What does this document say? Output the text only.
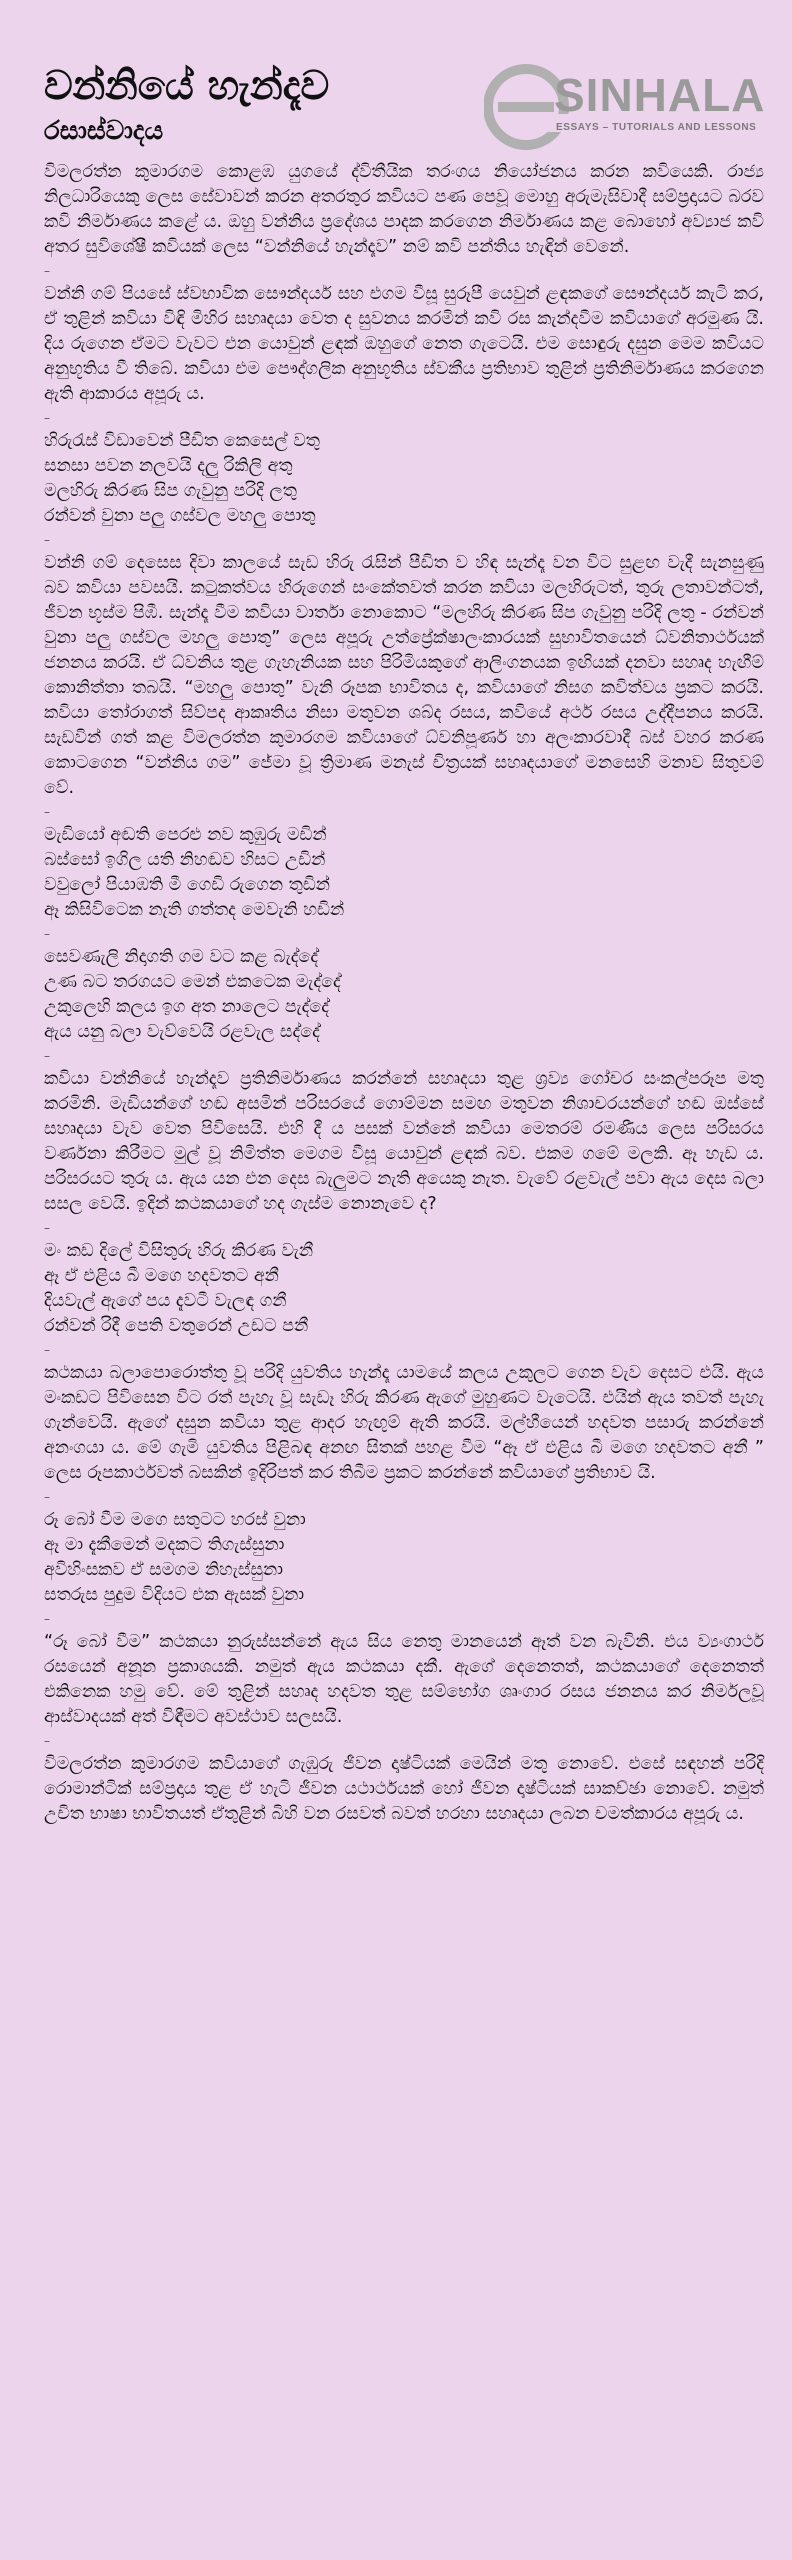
වන්නියේ හැන්දෑව
රසාස්වාදය
SINHALA
ESSAYS – TUTORIALS AND LESSONS

විමලරත්න කුමාරගම කොළඹ යුගයේ ද්විතීයික තරංගය නියෝජනය කරන කවියෙකි. රාජ්‍ය නිලධාරියෙකු ලෙස සේවාවන් කරන අතරතුර කවියට පණ පෙවූ මොහු අරුමැසිවාදී සම්ප්‍රදායට බරව කවි නිර්මාණය කළේ ය. ඔහු වන්නිය ප්‍රදේශය පාදක කරගෙන නිර්මාණය කළ බොහෝ අව්‍යාජ කවි අතර සුවිශේෂී කවියක් ලෙස “වන්නියේ හැන්දෑව” නම් කවි පන්තිය හැඳින් වෙනේ.

–

වන්නි ගම් පියසේ ස්වභාවික සෞන්දර්ය සහ එගම වීසූ සුරූපී යෙවුන් ළඳකගේ සෞන්දර්ය කැටි කර, ඒ තුළින් කවියා විඳි මිහිර සහෘදයා වෙත ද සුවනය කරමින් කවි රස කැන්දවීම කවියාගේ අරමුණ යි. දිය රුගෙන ඒමට වැවට එන යොවුන් ළඳක් ඔහුගේ නෙත ගැටෙයි. එම සොඳුරු දසුන මෙම කවියට අනුභූතිය වී තිබේ. කවියා එම පෞද්ගලික අනුභූතිය ස්වකීය ප්‍රතිභාව තුළින් ප්‍රතිනිර්මාණය කරගෙන ඇති ආකාරය අපූරු ය.

–
හිරුරැස් විඩාවෙන් පීඩිත කෙසෙල් වතු
සනසා පවන නලවයි දලු රිකිලි අතු
මලහිරු කිරණ සිප ගැවුනු පරිදි ලතු
රන්වන් වුනා පලු ගස්වල මහලු පොතු
–

වන්නි ගම් දෙසෙස දිවා කාලයේ සැඩ හිරු රැසින් පීඩිත ව හිඳ සැන්දෑ වන විට සුළඟ වැදී සැනසුණු බව කවියා පවසයි. කටුකත්වය හිරුගෙන් සංකේතවත් කරන කවියා මලහිරුටත්, තුරු ලතාවන්ටත්, ජීවන භූස්ම පිඹී. සැන්දෑ වීම කවියා වාර්තා නොකොට “මලහිරු කිරණ සිප ගැවුනු පරිදි ලතු - රන්වන් වුනා පලු ගස්වල මහලු පොතු” ලෙස අපූරු උත්ප්‍රේක්ෂාලංකාරයක් සුභාවිතයෙන් ධ්වනිතාර්ථයක් ජනනය කරයි. ඒ ධ්වනිය තුළ ගැහැනියක සහ පිරිමියකුගේ ආලිංගනයක ඉඟියක් දනවා සහෘද හැඟීම් කොනිත්තා තබයි. “මහලු පොතු” වැනි රූපක භාවිතය ද, කවියාගේ නිසග කවිත්වය ප්‍රකට කරයි. කවියා තෝරාගත් සිව්පද ආකෘතිය නිසා මතුවන ශබ්ද රසය, කවියේ අර්ථ රසය උද්දීපනය කරයි. සැඩවින් ගත් කළ විමලරත්න කුමාරගම කවියාගේ ධ්වනිපූර්ණ හා අලංකාරවාදී බස් වහර කරණ කොටගෙන “වන්නිය ගම” ජේමා වූ ත්‍රිමාණ මනැස් චිත්‍රයක් සහෘදයාගේ මනසෙහි මනාව සිතුවම් වේ.

–
මැඩියෝ අඬති පෙරළු නව කුඹුරු මඩින්
බස්සෝ ඉගිල යති නිහඬව හිසට උඩින්
වවුලෝ පියාඹති මී ගෙඩි රුගෙන තුඩින්
ඈ කිසිවිටෙක නැති ගත්තද මෙවැනි හඩින්
–
සෙවණැලි නිදාගති ගම වට කළ බැද්දේ
උණ බට තරගයට මෙන් එකටෙක මැද්දේ
උකුලෙහි කලය ඉග අත නාලෙට පැද්දේ
ඇය යනු බලා වැව්වෙයි රළවැල සද්දේ
–

කවියා වන්නියේ හැන්දෑව ප්‍රතිනිර්මාණය කරන්නේ සහෘදයා තුළ ශ්‍රව්‍ය ගෝචර සංකල්පරූප මතු කරමිනි. මැඩියන්ගේ හඬ අසමින් පරිසරයේ ගොම්මන සමඟ මතුවන නිශාචරයන්ගේ හඬ ඔස්සේ සහෘදයා වැව වෙත පිවිසෙයි. එහි දී ය පසක් වන්නේ කවියා මෙතරම් රමණීය ලෙස පරිසරය වර්ණනා කිරීමට මුල් වූ නිමිත්ත මෙගම වීසූ යොවුන් ළඳක් බව. එකම ගමේ මලකි. ඈ හැඩ ය. පරිසරයට තුරු ය. ඇය යන එන දෙස බැලුමට නැති අයෙකු නැත. වැවේ රළවැල් පවා ඇය දෙස බලා සසල වෙයි. ඉදින් කථකයාගේ හද ගැස්ම නොනැවෙ ද?

–
මං කඩ දිලේ විසිතුරු හිරු කිරණ වැනී
ඈ ඒ එළිය බී මගෙ හදවතට අනී
දියවැල් ඇගේ පය දැවටී වැලඳ ගනී
රන්වන් රිදී පෙති වතුරෙන් උඩට පනී
–

කථකයා බලාපොරොත්තු වූ පරිදි යුවතිය හැන්දෑ යාමයේ කලය උකුලට ගෙන වැව දෙසට එයි. ඇය මංකඩට පිවිසෙන විට රත් පැහැ වූ සැඩෑ හිරු කිරණ ඇගේ මුහුණට වැටෙයි. එයින් ඇය තවත් පැහැ ගැන්වෙයි. ඇගේ දසුන කවියා තුළ ආදර හැඟුම් ඇති කරයි. මල්හීයෙන් හදවත පසාරු කරන්නේ අනංගයා ය. මේ ගැමි යුවතිය පිළිබඳ අනඟ සිතක් පහළ වීම “ඈ ඒ එළිය බී මගෙ හදවතට අනී ” ලෙස රූපකාර්ථවත් බසකින් ඉදිරිපත් කර තිබීම ප්‍රකට කරන්නේ කවියාගේ ප්‍රතිභාව යි.

–
රූ බෝ වීම මගෙ සතුටට හරස් වුනා
ඈ මා දැකීමෙන් මදකට තිගැස්සුනා
අවිහිංසකව ඒ සමගම නිහැස්සුනා
සතරුස පුදුම විදියට එක ඇසක් වුනා
–

“රූ බෝ වීම” කථකයා නුරුස්සන්නේ ඇය සිය නෙතු මානයෙන් ඈත් වන බැවිනි. එය ව්‍යංගාර්ථ රසයෙන් අනූන ප්‍රකාශයකි. නමුත් ඇය කථකයා දකී. ඇගේ දෙනෙතත්, කථකයාගේ දෙනෙතත් එකිනෙක හමු වේ. මේ තුළින් සහෘද හදවත තුළ සම්භෝග ශෘංගාර රසය ජනනය කර නිර්මලවූ ආස්වාදයක් අත් විඳීමට අවස්ථාව සලසයි.

–

විමලරත්න කුමාරගම කවියාගේ ගැඹුරු ජීවන දෘෂ්ටියක් මෙයින් මතු නොවේ. එසේ සඳහන් පරිදි රොමාන්ටික් සම්ප්‍රදාය තුළ ඒ හැටි ජීවන යථාර්ථයක් හෝ ජීවන දෘෂ්ටියක් සාකච්ඡා නොවේ. නමුත් උචිත භාෂා භාවිතයත් ඒතුළින් බිහි වන රසවත් බවත් හරහා සහෘදයා ලබන චමත්කාරය අපූරු ය.
